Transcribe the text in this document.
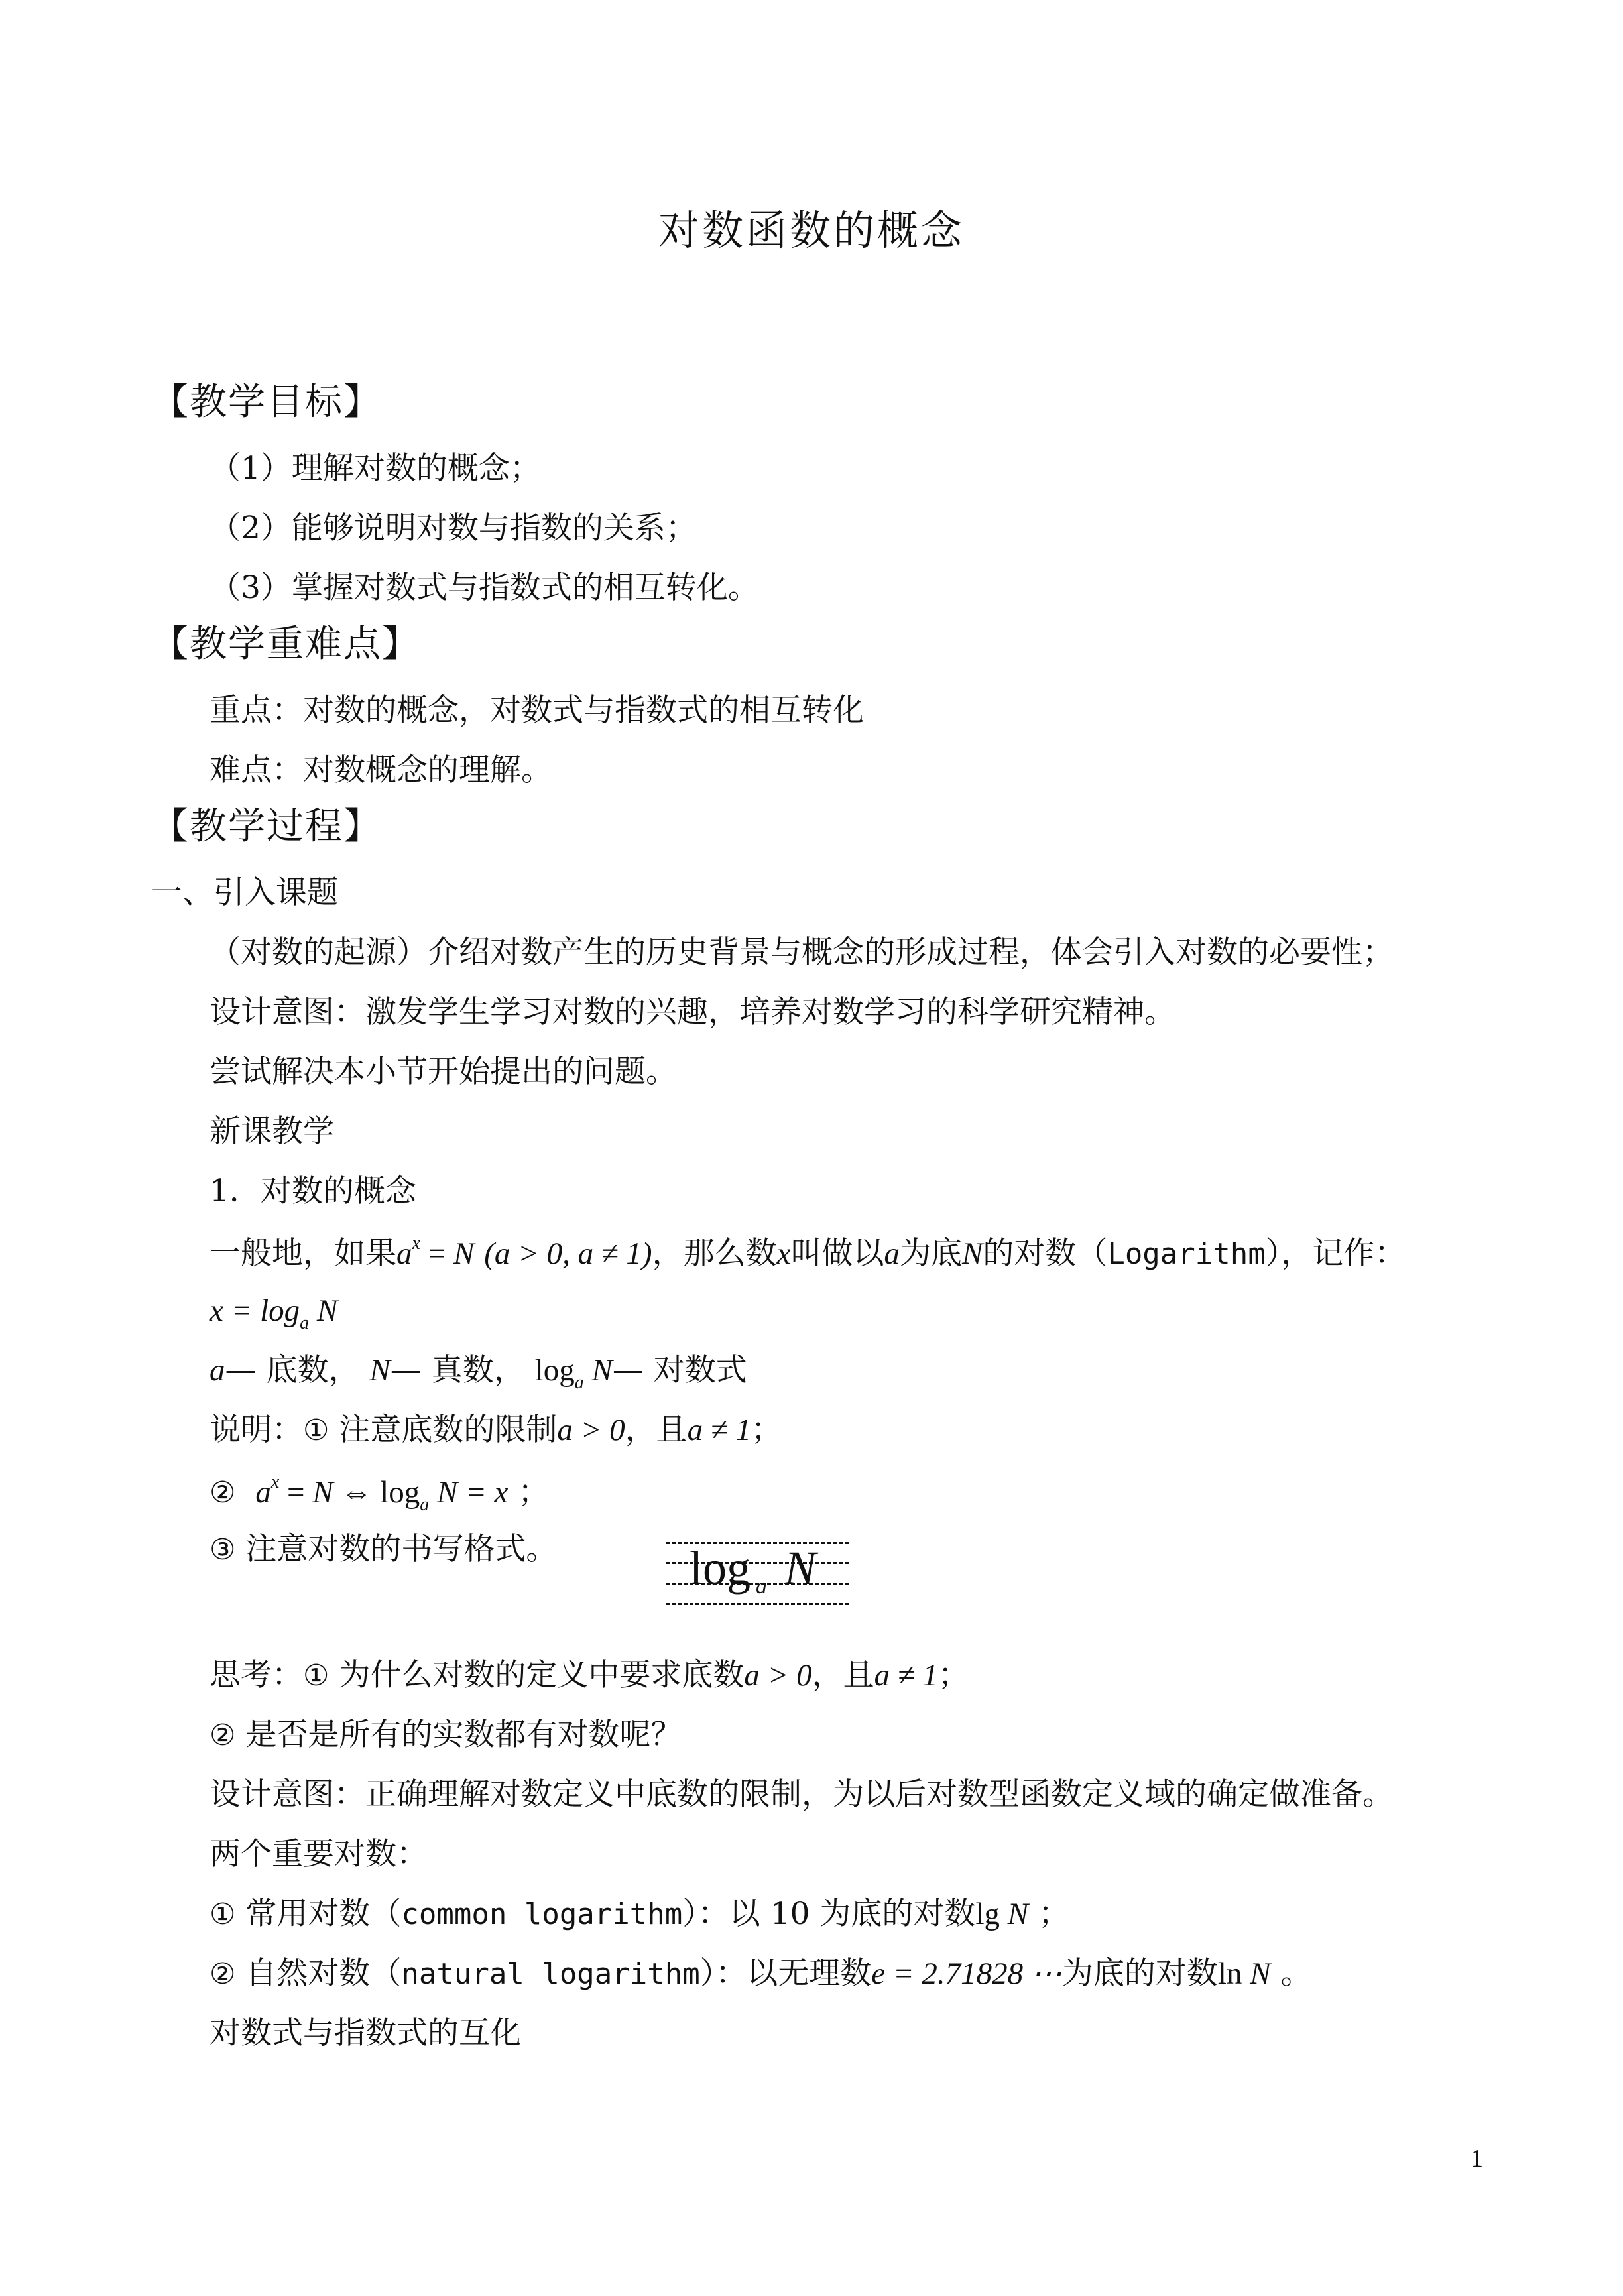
对数函数的概念
【教学目标】
（1）理解对数的概念；
（2）能够说明对数与指数的关系；
（3）掌握对数式与指数式的相互转化。
【教学重难点】
重点：对数的概念，对数式与指数式的相互转化
难点：对数概念的理解。
【教学过程】
一、引入课题
（对数的起源）介绍对数产生的历史背景与概念的形成过程，体会引入对数的必要性；
设计意图：激发学生学习对数的兴趣，培养对数学习的科学研究精神。
尝试解决本小节开始提出的问题。
新课教学
1．对数的概念
一般地，如果$a^x = N$ (a > 0, a ≠ 1)，那么数x叫做以a为底N的对数（Logarithm），记作：
$x = \log_a N$
a— 底数， N— 真数， $\log_a$ N— 对数式
说明：① 注意底数的限制a > 0，且a ≠ 1；
② $a^x = N$ ⇔ $\log_a N = x$ ；
③ 注意对数的书写格式。	log a N
思考：① 为什么对数的定义中要求底数a > 0，且a ≠ 1；
② 是否是所有的实数都有对数呢？
设计意图：正确理解对数定义中底数的限制，为以后对数型函数定义域的确定做准备。
两个重要对数：
① 常用对数（common logarithm）：以 10 为底的对数lg N ；
② 自然对数（natural logarithm）：以无理数e = 2.71828 ⋯为底的对数ln N 。
对数式与指数式的互化
1
